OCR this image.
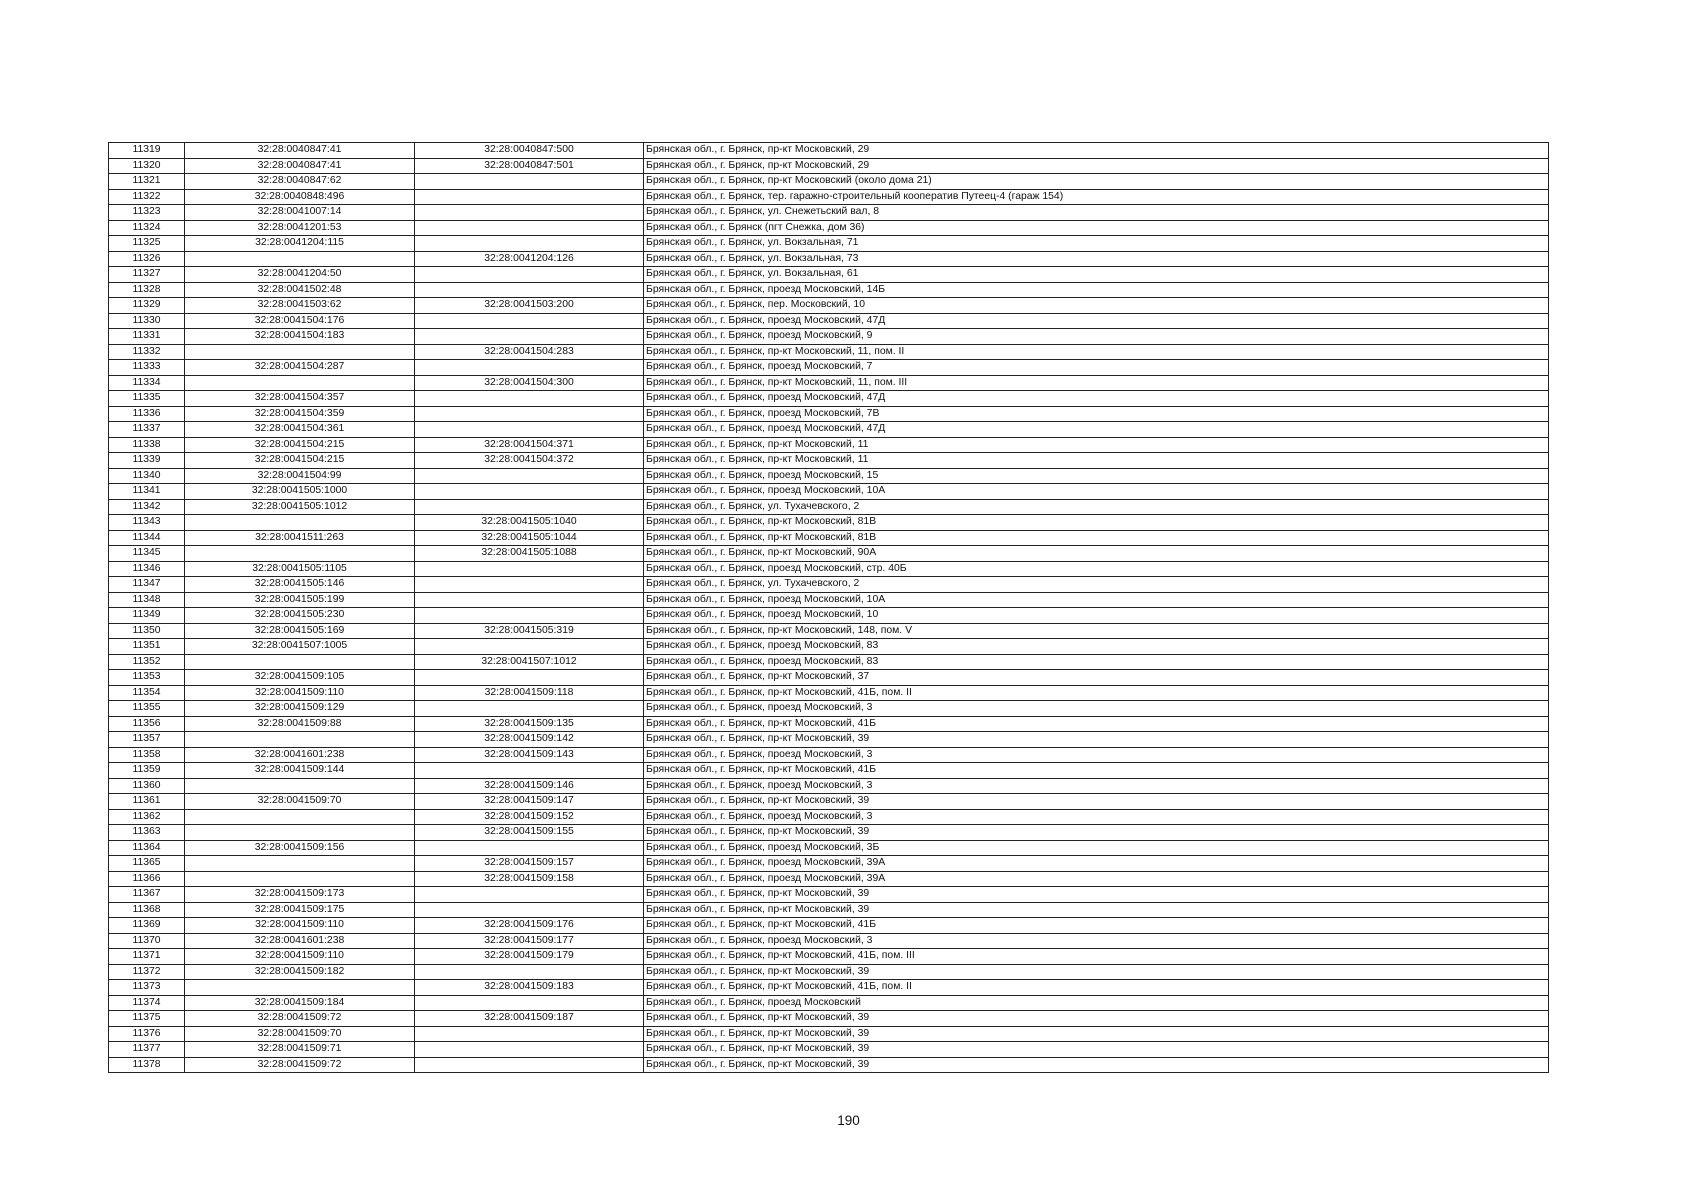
11319	32:28:0040847:41	32:28:0040847:500	Брянская обл., г. Брянск, пр-кт Московский, 29
11320	32:28:0040847:41	32:28:0040847:501	Брянская обл., г. Брянск, пр-кт Московский, 29
11321	32:28:0040847:62		Брянская обл., г. Брянск, пр-кт Московский (около дома 21)
11322	32:28:0040848:496		Брянская обл., г. Брянск, тер. гаражно-строительный кооператив Путеец-4 (гараж 154)
11323	32:28:0041007:14		Брянская обл., г. Брянск, ул. Снежетьский вал, 8
11324	32:28:0041201:53		Брянская обл., г. Брянск (пгт Снежка, дом 36)
11325	32:28:0041204:115		Брянская обл., г. Брянск, ул. Вокзальная, 71
11326		32:28:0041204:126	Брянская обл., г. Брянск, ул. Вокзальная, 73
11327	32:28:0041204:50		Брянская обл., г. Брянск, ул. Вокзальная, 61
11328	32:28:0041502:48		Брянская обл., г. Брянск, проезд Московский, 14Б
11329	32:28:0041503:62	32:28:0041503:200	Брянская обл., г. Брянск, пер. Московский, 10
11330	32:28:0041504:176		Брянская обл., г. Брянск, проезд Московский, 47Д
11331	32:28:0041504:183		Брянская обл., г. Брянск, проезд Московский, 9
11332		32:28:0041504:283	Брянская обл., г. Брянск, пр-кт Московский, 11, пом. II
11333	32:28:0041504:287		Брянская обл., г. Брянск, проезд Московский, 7
11334		32:28:0041504:300	Брянская обл., г. Брянск, пр-кт Московский, 11, пом. III
11335	32:28:0041504:357		Брянская обл., г. Брянск, проезд Московский, 47Д
11336	32:28:0041504:359		Брянская обл., г. Брянск, проезд Московский, 7В
11337	32:28:0041504:361		Брянская обл., г. Брянск, проезд Московский, 47Д
11338	32:28:0041504:215	32:28:0041504:371	Брянская обл., г. Брянск, пр-кт Московский, 11
11339	32:28:0041504:215	32:28:0041504:372	Брянская обл., г. Брянск, пр-кт Московский, 11
11340	32:28:0041504:99		Брянская обл., г. Брянск, проезд Московский, 15
11341	32:28:0041505:1000		Брянская обл., г. Брянск, проезд Московский, 10А
11342	32:28:0041505:1012		Брянская обл., г. Брянск, ул. Тухачевского, 2
11343		32:28:0041505:1040	Брянская обл., г. Брянск, пр-кт Московский, 81В
11344	32:28:0041511:263	32:28:0041505:1044	Брянская обл., г. Брянск, пр-кт Московский, 81В
11345		32:28:0041505:1088	Брянская обл., г. Брянск, пр-кт Московский, 90А
11346	32:28:0041505:1105		Брянская обл., г. Брянск, проезд Московский, стр. 40Б
11347	32:28:0041505:146		Брянская обл., г. Брянск, ул. Тухачевского, 2
11348	32:28:0041505:199		Брянская обл., г. Брянск, проезд Московский, 10А
11349	32:28:0041505:230		Брянская обл., г. Брянск, проезд Московский, 10
11350	32:28:0041505:169	32:28:0041505:319	Брянская обл., г. Брянск, пр-кт Московский, 148, пом. V
11351	32:28:0041507:1005		Брянская обл., г. Брянск, проезд Московский, 83
11352		32:28:0041507:1012	Брянская обл., г. Брянск, проезд Московский, 83
11353	32:28:0041509:105		Брянская обл., г. Брянск, пр-кт Московский, 37
11354	32:28:0041509:110	32:28:0041509:118	Брянская обл., г. Брянск, пр-кт Московский, 41Б, пом. II
11355	32:28:0041509:129		Брянская обл., г. Брянск, проезд Московский, 3
11356	32:28:0041509:88	32:28:0041509:135	Брянская обл., г. Брянск, пр-кт Московский, 41Б
11357		32:28:0041509:142	Брянская обл., г. Брянск, пр-кт Московский, 39
11358	32:28:0041601:238	32:28:0041509:143	Брянская обл., г. Брянск, проезд Московский, 3
11359	32:28:0041509:144		Брянская обл., г. Брянск, пр-кт Московский, 41Б
11360		32:28:0041509:146	Брянская обл., г. Брянск, проезд Московский, 3
11361	32:28:0041509:70	32:28:0041509:147	Брянская обл., г. Брянск, пр-кт Московский, 39
11362		32:28:0041509:152	Брянская обл., г. Брянск, проезд Московский, 3
11363		32:28:0041509:155	Брянская обл., г. Брянск, пр-кт Московский, 39
11364	32:28:0041509:156		Брянская обл., г. Брянск, проезд Московский, 3Б
11365		32:28:0041509:157	Брянская обл., г. Брянск, проезд Московский, 39А
11366		32:28:0041509:158	Брянская обл., г. Брянск, проезд Московский, 39А
11367	32:28:0041509:173		Брянская обл., г. Брянск, пр-кт Московский, 39
11368	32:28:0041509:175		Брянская обл., г. Брянск, пр-кт Московский, 39
11369	32:28:0041509:110	32:28:0041509:176	Брянская обл., г. Брянск, пр-кт Московский, 41Б
11370	32:28:0041601:238	32:28:0041509:177	Брянская обл., г. Брянск, проезд Московский, 3
11371	32:28:0041509:110	32:28:0041509:179	Брянская обл., г. Брянск, пр-кт Московский, 41Б, пом. III
11372	32:28:0041509:182		Брянская обл., г. Брянск, пр-кт Московский, 39
11373		32:28:0041509:183	Брянская обл., г. Брянск, пр-кт Московский, 41Б, пом. II
11374	32:28:0041509:184		Брянская обл., г. Брянск, проезд Московский
11375	32:28:0041509:72	32:28:0041509:187	Брянская обл., г. Брянск, пр-кт Московский, 39
11376	32:28:0041509:70		Брянская обл., г. Брянск, пр-кт Московский, 39
11377	32:28:0041509:71		Брянская обл., г. Брянск, пр-кт Московский, 39
11378	32:28:0041509:72		Брянская обл., г. Брянск, пр-кт Московский, 39
190
